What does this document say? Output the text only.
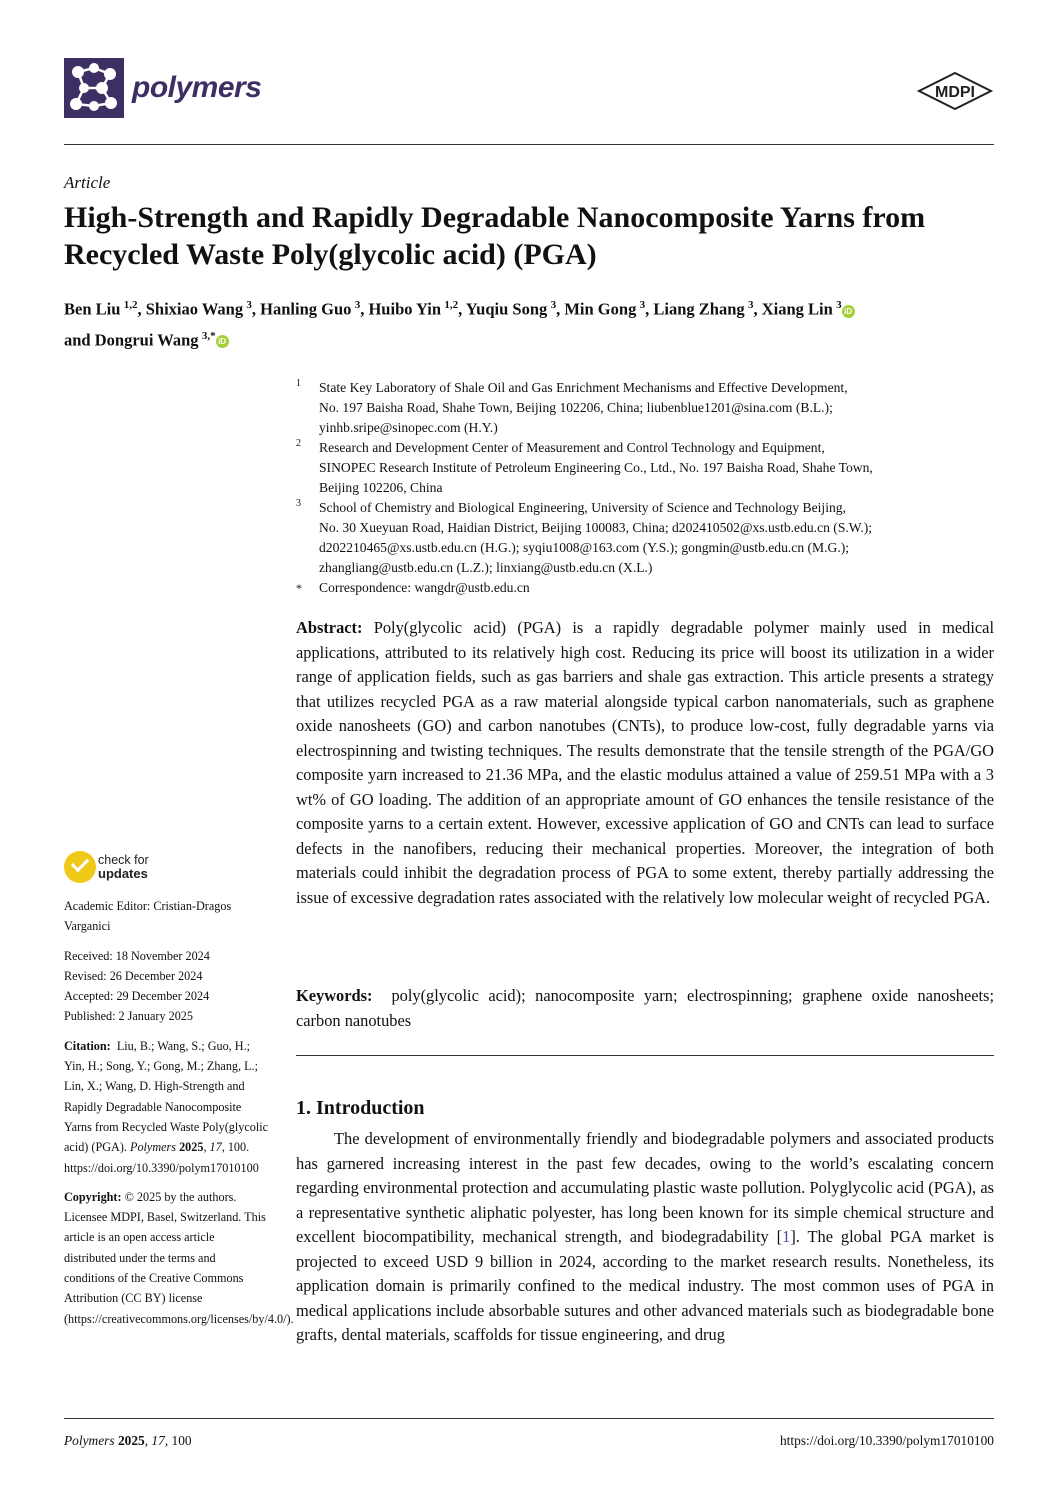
polymers	MDPI
Article
High-Strength and Rapidly Degradable Nanocomposite Yarns from Recycled Waste Poly(glycolic acid) (PGA)
Ben Liu  $^{1,2}$, Shixiao Wang  $^3$, Hanling Guo  $^3$, Huibo Yin  $^{1,2}$, Yuqiu Song  $^3$, Min Gong  $^3$, Liang Zhang  $^3$, Xiang Lin  $^3$ iD
and Dongrui Wang  $^{3,*}$ iD
1 State Key Laboratory of Shale Oil and Gas Enrichment Mechanisms and Effective Development,
No. 197 Baisha Road, Shahe Town, Beijing 102206, China; liubenblue1201@sina.com (B.L.);
yinhb.sripe@sinopec.com (H.Y.)
2 Research and Development Center of Measurement and Control Technology and Equipment,
SINOPEC Research Institute of Petroleum Engineering Co., Ltd., No. 197 Baisha Road, Shahe Town,
Beijing 102206, China
3 School of Chemistry and Biological Engineering, University of Science and Technology Beijing,
No. 30 Xueyuan Road, Haidian District, Beijing 100083, China; d202410502@xs.ustb.edu.cn (S.W.);
d202210465@xs.ustb.edu.cn (H.G.); syqiu1008@163.com (Y.S.); gongmin@ustb.edu.cn (M.G.);
zhangliang@ustb.edu.cn (L.Z.); linxiang@ustb.edu.cn (X.L.)
* Correspondence: wangdr@ustb.edu.cn
Abstract: Poly(glycolic acid) (PGA) is a rapidly degradable polymer mainly used in medical applications, attributed to its relatively high cost. Reducing its price will boost its utilization in a wider range of application fields, such as gas barriers and shale gas extraction. This article presents a strategy that utilizes recycled PGA as a raw material alongside typical carbon nanomaterials, such as graphene oxide nanosheets (GO) and carbon nanotubes (CNTs), to produce low-cost, fully degradable yarns via electrospinning and twisting techniques. The results demonstrate that the tensile strength of the PGA/GO composite yarn increased to 21.36 MPa, and the elastic modulus attained a value of 259.51 MPa with a 3 wt% of GO loading. The addition of an appropriate amount of GO enhances the tensile resistance of the composite yarns to a certain extent. However, excessive application of GO and CNTs can lead to surface defects in the nanofibers, reducing their mechanical properties. Moreover, the integration of both materials could inhibit the degradation process of PGA to some extent, thereby partially addressing the issue of excessive degradation rates associated with the relatively low molecular weight of recycled PGA.
Keywords: poly(glycolic acid); nanocomposite yarn; electrospinning; graphene oxide nanosheets; carbon nanotubes
1. Introduction
The development of environmentally friendly and biodegradable polymers and associated products has garnered increasing interest in the past few decades, owing to the world’s escalating concern regarding environmental protection and accumulating plastic waste pollution. Polyglycolic acid (PGA), as a representative synthetic aliphatic polyester, has long been known for its simple chemical structure and excellent biocompatibility, mechanical strength, and biodegradability [1]. The global PGA market is projected to exceed USD 9 billion in 2024, according to the market research results. Nonetheless, its application domain is primarily confined to the medical industry. The most common uses of PGA in medical applications include absorbable sutures and other advanced materials such as biodegradable bone grafts, dental materials, scaffolds for tissue engineering, and drug
check for
updates

Academic Editor: Cristian-Dragos Varganici

Received: 18 November 2024

Revised: 26 December 2024

Accepted: 29 December 2024

Published: 2 January 2025

Citation: Liu, B.; Wang, S.; Guo, H.; Yin, H.; Song, Y.; Gong, M.; Zhang, L.; Lin, X.; Wang, D. High-Strength and Rapidly Degradable Nanocomposite Yarns from Recycled Waste Poly(glycolic acid) (PGA). Polymers 2025, 17, 100. https://doi.org/10.3390/polym17010100

Copyright: © 2025 by the authors. Licensee MDPI, Basel, Switzerland. This article is an open access article distributed under the terms and conditions of the Creative Commons Attribution (CC BY) license (https://creativecommons.org/licenses/by/4.0/).

Polymers 2025, 17, 100	https://doi.org/10.3390/polym17010100
